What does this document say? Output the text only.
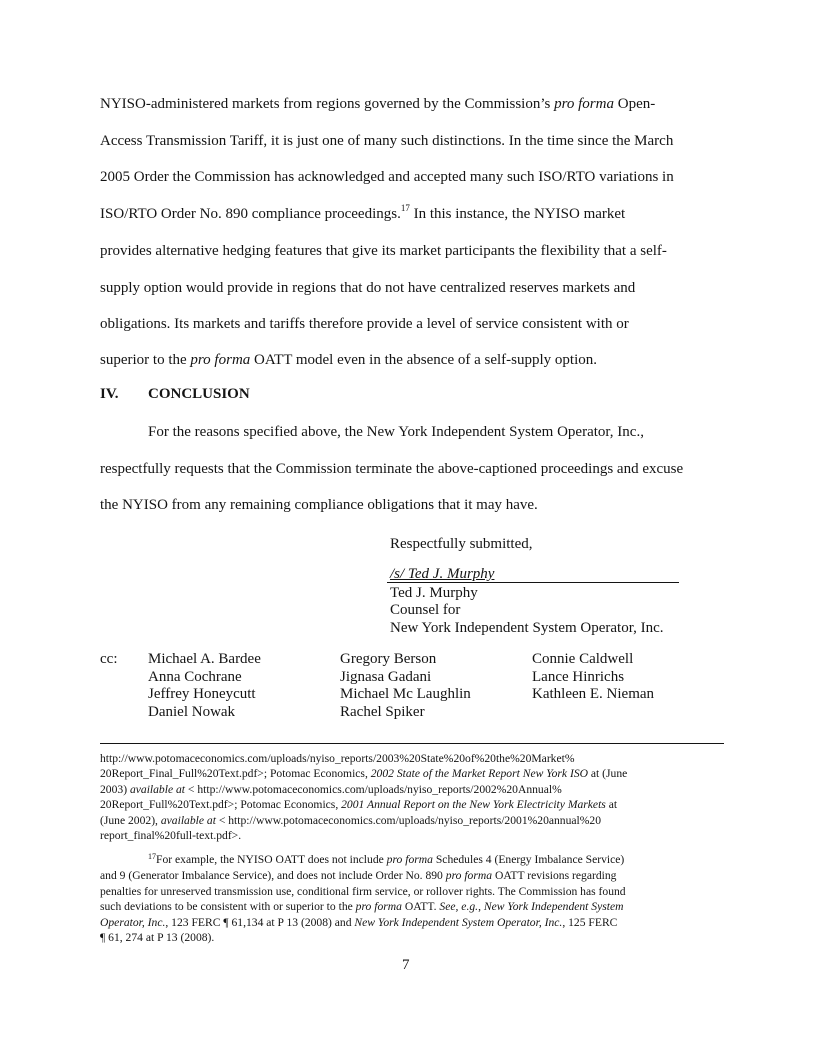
NYISO-administered markets from regions governed by the Commission’s pro forma Open-
Access Transmission Tariff, it is just one of many such distinctions. In the time since the March
2005 Order the Commission has acknowledged and accepted many such ISO/RTO variations in
ISO/RTO Order No. 890 compliance proceedings.$^{17}$ In this instance, the NYISO market
provides alternative hedging features that give its market participants the flexibility that a self-
supply option would provide in regions that do not have centralized reserves markets and
obligations. Its markets and tariffs therefore provide a level of service consistent with or
superior to the pro forma OATT model even in the absence of a self-supply option.
IV. CONCLUSION
For the reasons specified above, the New York Independent System Operator, Inc.,
respectfully requests that the Commission terminate the above-captioned proceedings and excuse
the NYISO from any remaining compliance obligations that it may have.
Respectfully submitted,
/s/ Ted J. Murphy
Ted J. Murphy
Counsel for
New York Independent System Operator, Inc.
cc: Michael A. Bardee
Anna Cochrane
Jeffrey Honeycutt
Daniel Nowak
Gregory Berson
Jignasa Gadani
Michael Mc Laughlin
Rachel Spiker
Connie Caldwell
Lance Hinrichs
Kathleen E. Nieman
http://www.potomaceconomics.com/uploads/nyiso_reports/2003%20State%20of%20the%20Market%
20Report_Final_Full%20Text.pdf>; Potomac Economics, 2002 State of the Market Report New York ISO at (June
2003) available at < http://www.potomaceconomics.com/uploads/nyiso_reports/2002%20Annual%
20Report_Full%20Text.pdf>; Potomac Economics, 2001 Annual Report on the New York Electricity Markets at
(June 2002), available at < http://www.potomaceconomics.com/uploads/nyiso_reports/2001%20annual%20
report_final%20full-text.pdf>.
$^{17}$For example, the NYISO OATT does not include pro forma Schedules 4 (Energy Imbalance Service)
and 9 (Generator Imbalance Service), and does not include Order No. 890 pro forma OATT revisions regarding
penalties for unreserved transmission use, conditional firm service, or rollover rights. The Commission has found
such deviations to be consistent with or superior to the pro forma OATT. See, e.g., New York Independent System
Operator, Inc., 123 FERC ¶ 61,134 at P 13 (2008) and New York Independent System Operator, Inc., 125 FERC
¶ 61, 274 at P 13 (2008).
7
